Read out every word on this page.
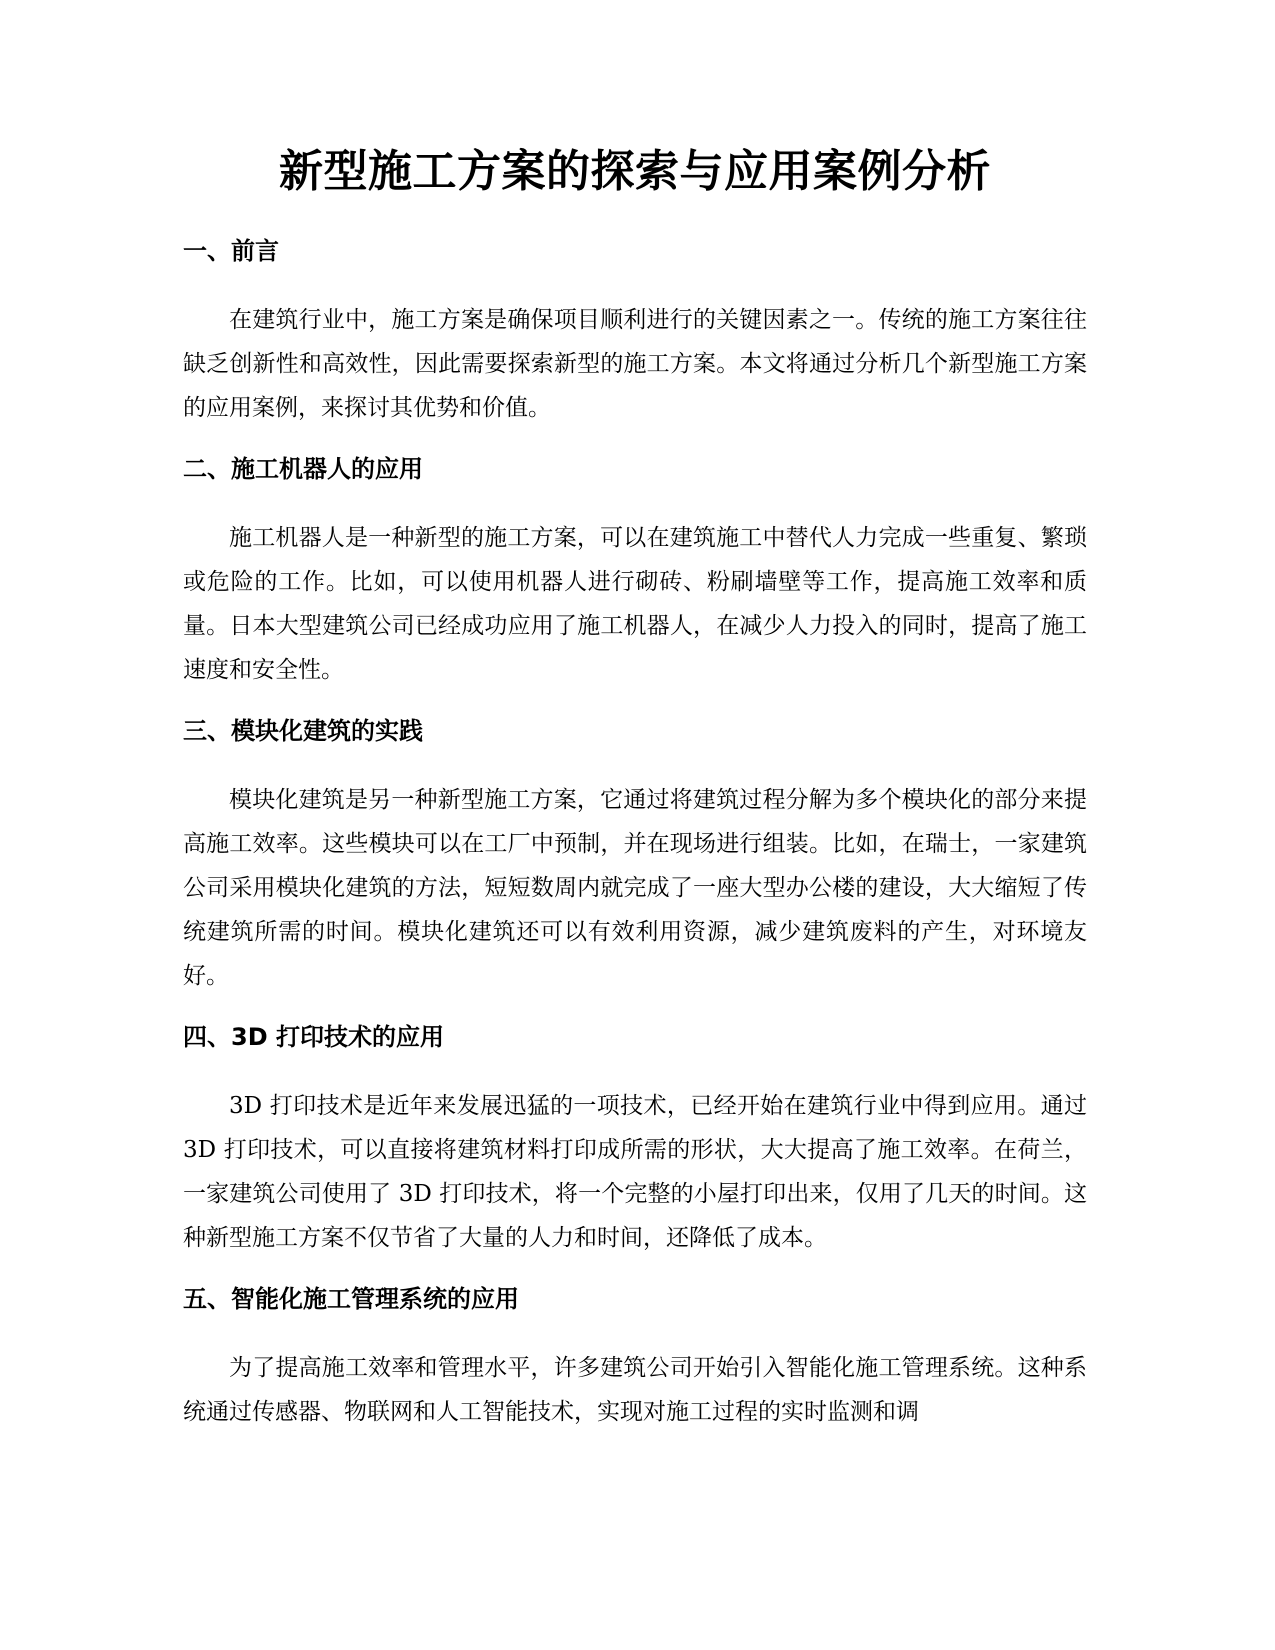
新型施工方案的探索与应用案例分析
一、前言

在建筑行业中，施工方案是确保项目顺利进行的关键因素之一。传统的施工方案往往缺乏创新性和高效性，因此需要探索新型的施工方案。本文将通过分析几个新型施工方案的应用案例，来探讨其优势和价值。

二、施工机器人的应用

施工机器人是一种新型的施工方案，可以在建筑施工中替代人力完成一些重复、繁琐或危险的工作。比如，可以使用机器人进行砌砖、粉刷墙壁等工作，提高施工效率和质量。日本大型建筑公司已经成功应用了施工机器人，在减少人力投入的同时，提高了施工速度和安全性。

三、模块化建筑的实践

模块化建筑是另一种新型施工方案，它通过将建筑过程分解为多个模块化的部分来提高施工效率。这些模块可以在工厂中预制，并在现场进行组装。比如，在瑞士，一家建筑公司采用模块化建筑的方法，短短数周内就完成了一座大型办公楼的建设，大大缩短了传统建筑所需的时间。模块化建筑还可以有效利用资源，减少建筑废料的产生，对环境友好。

四、3D 打印技术的应用

3D 打印技术是近年来发展迅猛的一项技术，已经开始在建筑行业中得到应用。通过 3D 打印技术，可以直接将建筑材料打印成所需的形状，大大提高了施工效率。在荷兰，一家建筑公司使用了 3D 打印技术，将一个完整的小屋打印出来，仅用了几天的时间。这种新型施工方案不仅节省了大量的人力和时间，还降低了成本。

五、智能化施工管理系统的应用

为了提高施工效率和管理水平，许多建筑公司开始引入智能化施工管理系统。这种系统通过传感器、物联网和人工智能技术，实现对施工过程的实时监测和调
